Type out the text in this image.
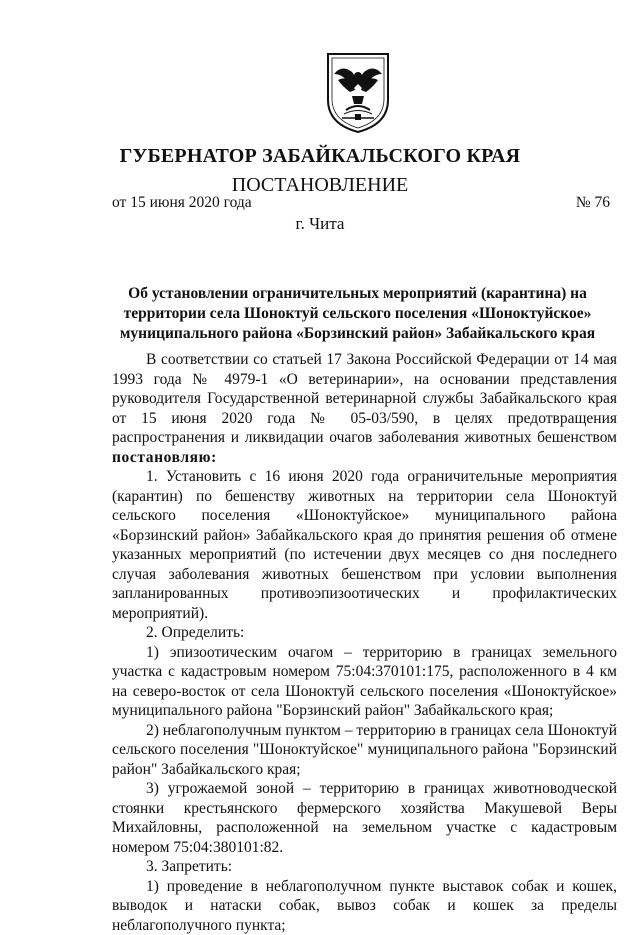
ГУБЕРНАТОР ЗАБАЙКАЛЬСКОГО КРАЯ
ПОСТАНОВЛЕНИЕ
от 15 июня 2020 года	№ 76
г. Чита
Об установлении ограничительных мероприятий (карантина) на территории села Шоноктуй сельского поселения «Шоноктуйское» муниципального района «Борзинский район» Забайкальского края

В соответствии со статьей 17 Закона Российской Федерации от 14 мая 1993 года № 4979-1 «О ветеринарии», на основании представления руководителя Государственной ветеринарной службы Забайкальского края от 15 июня 2020 года № 05-03/590, в целях предотвращения распространения и ликвидации очагов заболевания животных бешенством постановляю:

1. Установить с 16 июня 2020 года ограничительные мероприятия (карантин) по бешенству животных на территории села Шоноктуй сельского поселения «Шоноктуйское» муниципального района «Борзинский район» Забайкальского края до принятия решения об отмене указанных мероприятий (по истечении двух месяцев со дня последнего случая заболевания животных бешенством при условии выполнения запланированных противоэпизоотических и профилактических мероприятий).

2. Определить:

1) эпизоотическим очагом – территорию в границах земельного участка с кадастровым номером 75:04:370101:175, расположенного в 4 км на северо-восток от села Шоноктуй сельского поселения «Шоноктуйское» муниципального района "Борзинский район" Забайкальского края;

2) неблагополучным пунктом – территорию в границах села Шоноктуй сельского поселения "Шоноктуйское" муниципального района "Борзинский район" Забайкальского края;

3) угрожаемой зоной – территорию в границах животноводческой стоянки крестьянского фермерского хозяйства Макушевой Веры Михайловны, расположенной на земельном участке с кадастровым номером 75:04:380101:82.

3. Запретить:

1) проведение в неблагополучном пункте выставок собак и кошек, выводок и натаски собак, вывоз собак и кошек за пределы неблагополучного пункта;
